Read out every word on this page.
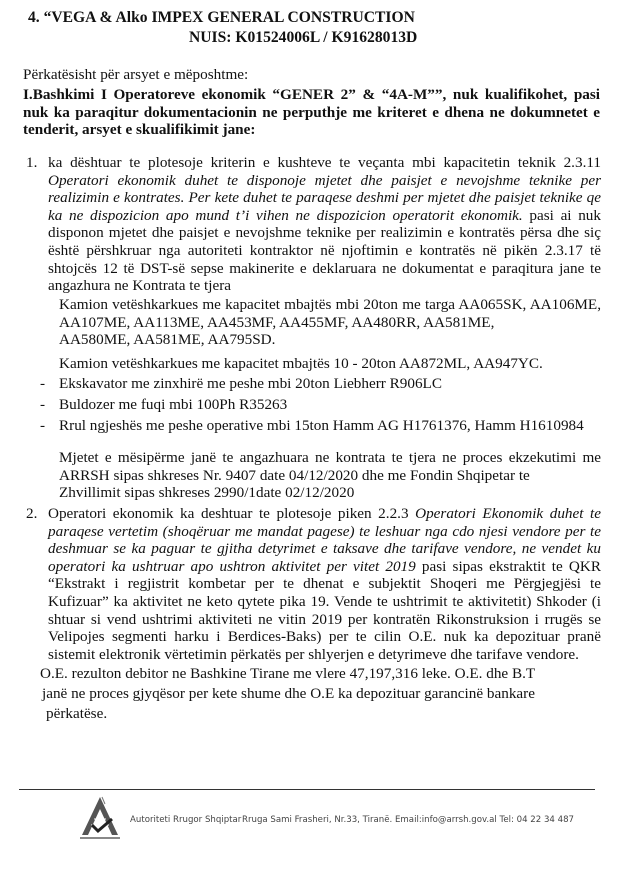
4. “VEGA & Alko IMPEX GENERAL CONSTRUCTION
NUIS: K01524006L / K91628013D
Përkatësisht për arsyet e mëposhtme:
I.Bashkimi I Operatoreve ekonomik “GENER 2” & “4A-M””, nuk kualifikohet, pasi nuk ka paraqitur dokumentacionin ne perputhje me kriteret e dhena ne dokumnetet e tenderit, arsyet e skualifikimit jane:
1. ka dështuar te plotesoje kriterin e kushteve te veçanta mbi kapacitetin teknik 2.3.11 Operatori ekonomik duhet te disponoje mjetet dhe paisjet e nevojshme teknike per realizimin e kontrates. Per kete duhet te paraqese deshmi per mjetet dhe paisjet teknike qe ka ne dispozicion apo mund t’i vihen ne dispozicion operatorit ekonomik. pasi ai nuk disponon mjetet dhe paisjet e nevojshme teknike per realizimin e kontratës përsa dhe siç është përshkruar nga autoriteti kontraktor në njoftimin e kontratës në pikën 2.3.17 të shtojcës 12 të DST-së sepse makinerite e deklaruara ne dokumentat e paraqitura jane te angazhura ne Kontrata te tjera

Kamion vetëshkarkues me kapacitet mbajtës mbi 20ton me targa AA065SK, AA106ME, AA107ME, AA113ME, AA453MF, AA455MF, AA480RR, AA581ME,

AA580ME, AA581ME, AA795SD.

Kamion vetëshkarkues me kapacitet mbajtës 10 - 20ton AA872ML, AA947YC.
- Ekskavator me zinxhirë me peshe mbi 20ton Liebherr R906LC
- Buldozer me fuqi mbi 100Ph R35263
- Rrul ngjeshës me peshe operative mbi 15ton Hamm AG H1761376, Hamm H1610984

Mjetet e mësipërme janë te angazhuara ne kontrata te tjera ne proces ekzekutimi me ARRSH sipas shkreses Nr. 9407 date 04/12/2020 dhe me Fondin Shqipetar te

Zhvillimit sipas shkreses 2990/1date 02/12/2020

2. Operatori ekonomik ka deshtuar te plotesoje piken 2.2.3 Operatori Ekonomik duhet te paraqese vertetim (shoqëruar me mandat pagese) te leshuar nga cdo njesi vendore per te deshmuar se ka paguar te gjitha detyrimet e taksave dhe tarifave vendore, ne vendet ku operatori ka ushtruar apo ushtron aktivitet per vitet 2019 pasi sipas ekstraktit te QKR “Ekstrakt i regjistrit kombetar per te dhenat e subjektit Shoqeri me Përgjegjësi te Kufizuar” ka aktivitet ne keto qytete pika 19. Vende te ushtrimit te aktivitetit) Shkoder (i shtuar si vend ushtrimi aktiviteti ne vitin 2019 per kontratën Rikonstruksion i rrugës se Velipojes segmenti harku i Berdices-Baks) per te cilin O.E. nuk ka depozituar pranë sistemit elektronik vërtetimin përkatës per shlyerjen e detyrimeve dhe tarifave vendore.
O.E. rezulton debitor ne Bashkine Tirane me vlere 47,197,316 leke. O.E. dhe B.T
janë ne proces gjyqësor per kete shume dhe O.E ka depozituar garancinë bankare
përkatëse.
Autoriteti Rrugor Shqiptar Rruga Sami Frasheri, Nr.33, Tiranë. Email:info@arrsh.gov.al Tel: 04 22 34 487
